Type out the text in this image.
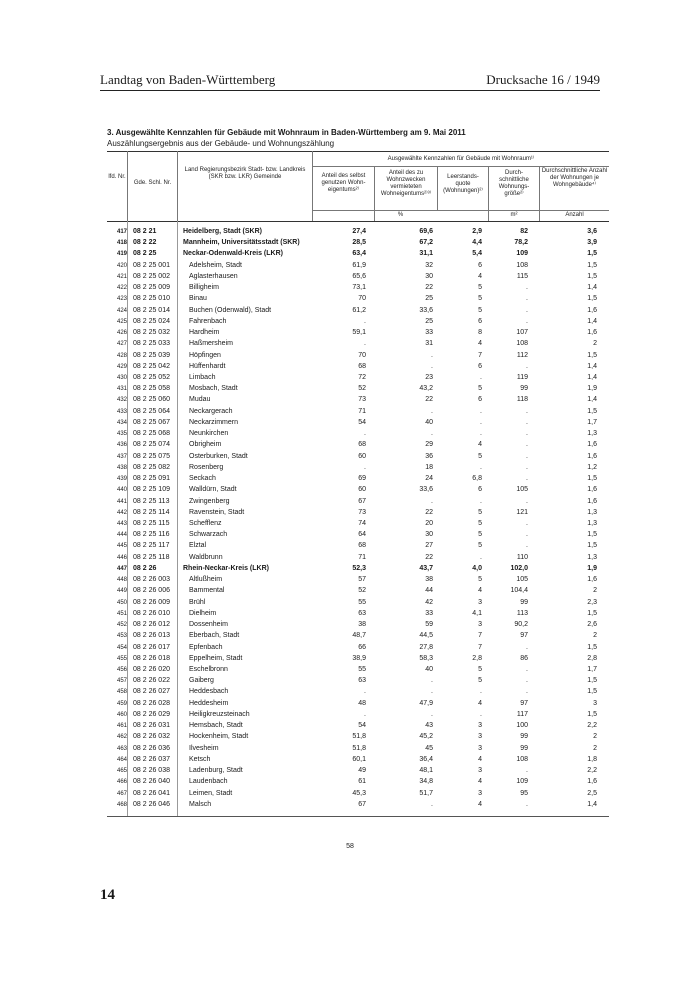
Landtag von Baden-Württemberg	Drucksache 16 / 1949
3. Ausgewählte Kennzahlen für Gebäude mit Wohnraum in Baden-Württemberg am 9. Mai 2011
Auszählungsergebnis aus der Gebäude- und Wohnungszählung
lfd. Nr.
Gde. Schl. Nr.
Land Regierungsbezirk Stadt- bzw. Landkreis (SKR bzw. LKR) Gemeinde
Ausgewählte Kennzahlen für Gebäude mit Wohnraum¹⁾
Anteil des selbst genutzen Wohn- eigentums²⁾
Anteil des zu Wohnzwecken vermieteten Wohneigentums²⁾³⁾
Leerstands- quote (Wohnungen)²⁾
Durch- schnittliche Wohnungs- größe²⁾
Durchschnittliche Anzahl der Wohnungen je Wohngebäude⁴⁾
%	m²	Anzahl
417 08 2 21	Heidelberg, Stadt (SKR)	27,4	69,6	2,9	82	3,6
418 08 2 22	Mannheim, Universitätsstadt (SKR)	28,5	67,2	4,4	78,2	3,9
419 08 2 25	Neckar-Odenwald-Kreis (LKR)	63,4	31,1	5,4	109	1,5
420 08 2 25 001	Adelsheim, Stadt	61,9	32	6	108	1,5
421 08 2 25 002	Aglasterhausen	65,6	30	4	115	1,5
422 08 2 25 009	Billigheim	73,1	22	5	.	1,4
423 08 2 25 010	Binau	70	25	5	.	1,5
424 08 2 25 014	Buchen (Odenwald), Stadt	61,2	33,6	5	.	1,6
425 08 2 25 024	Fahrenbach	.	25	6	.	1,4
426 08 2 25 032	Hardheim	59,1	33	8	107	1,6
427 08 2 25 033	Haßmersheim	.	31	4	108	2
428 08 2 25 039	Höpfingen	70	.	7	112	1,5
429 08 2 25 042	Hüffenhardt	68	.	6	.	1,4
430 08 2 25 052	Limbach	72	23	.	119	1,4
431 08 2 25 058	Mosbach, Stadt	52	43,2	5	99	1,9
432 08 2 25 060	Mudau	73	22	6	118	1,4
433 08 2 25 064	Neckargerach	71	.	.	.	1,5
434 08 2 25 067	Neckarzimmern	54	40	.	.	1,7
435 08 2 25 068	Neunkirchen	.	.	.	.	1,3
436 08 2 25 074	Obrigheim	68	29	4	.	1,6
437 08 2 25 075	Osterburken, Stadt	60	36	5	.	1,6
438 08 2 25 082	Rosenberg	.	18	.	.	1,2
439 08 2 25 091	Seckach	69	24	6,8	.	1,5
440 08 2 25 109	Walldürn, Stadt	60	33,6	6	105	1,6
441 08 2 25 113	Zwingenberg	67	.	.	.	1,6
442 08 2 25 114	Ravenstein, Stadt	73	22	5	121	1,3
443 08 2 25 115	Schefflenz	74	20	5	.	1,3
444 08 2 25 116	Schwarzach	64	30	5	.	1,5
445 08 2 25 117	Elztal	68	27	5	.	1,5
446 08 2 25 118	Waldbrunn	71	22	.	110	1,3
447 08 2 26	Rhein-Neckar-Kreis (LKR)	52,3	43,7	4,0	102,0	1,9
448 08 2 26 003	Altlußheim	57	38	5	105	1,6
449 08 2 26 006	Bammental	52	44	4	104,4	2
450 08 2 26 009	Brühl	55	42	3	99	2,3
451 08 2 26 010	Dielheim	63	33	4,1	113	1,5
452 08 2 26 012	Dossenheim	38	59	3	90,2	2,6
453 08 2 26 013	Eberbach, Stadt	48,7	44,5	7	97	2
454 08 2 26 017	Epfenbach	66	27,8	7	.	1,5
455 08 2 26 018	Eppelheim, Stadt	38,9	58,3	2,8	86	2,8
456 08 2 26 020	Eschelbronn	55	40	5	.	1,7
457 08 2 26 022	Gaiberg	63	.	5	.	1,5
458 08 2 26 027	Heddesbach	.	.	.	.	1,5
459 08 2 26 028	Heddesheim	48	47,9	4	97	3
460 08 2 26 029	Heiligkreuzsteinach	.	.	.	117	1,5
461 08 2 26 031	Hemsbach, Stadt	54	43	3	100	2,2
462 08 2 26 032	Hockenheim, Stadt	51,8	45,2	3	99	2
463 08 2 26 036	Ilvesheim	51,8	45	3	99	2
464 08 2 26 037	Ketsch	60,1	36,4	4	108	1,8
465 08 2 26 038	Ladenburg, Stadt	49	48,1	3	.	2,2
466 08 2 26 040	Laudenbach	61	34,8	4	109	1,6
467 08 2 26 041	Leimen, Stadt	45,3	51,7	3	95	2,5
468 08 2 26 046	Malsch	67	.	4	.	1,4
58
14
